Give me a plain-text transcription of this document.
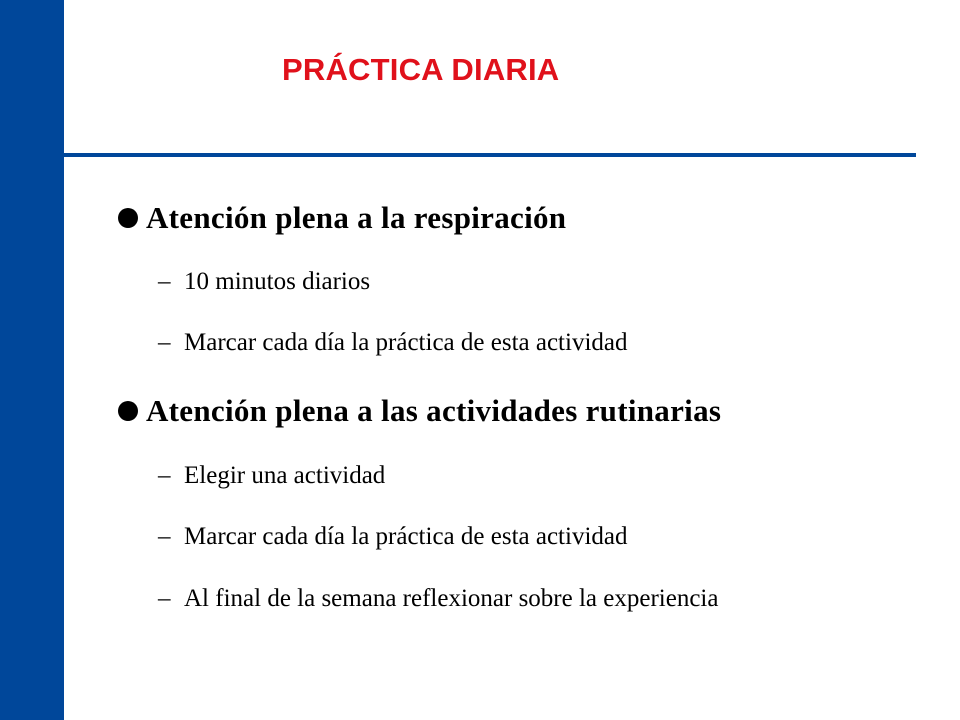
PRÁCTICA DIARIA
Atención plena a la respiración
– 10 minutos diarios
– Marcar cada día la práctica de esta actividad
Atención plena a las actividades rutinarias
– Elegir una actividad
– Marcar cada día la práctica de esta actividad
– Al final de la semana reflexionar sobre la experiencia
